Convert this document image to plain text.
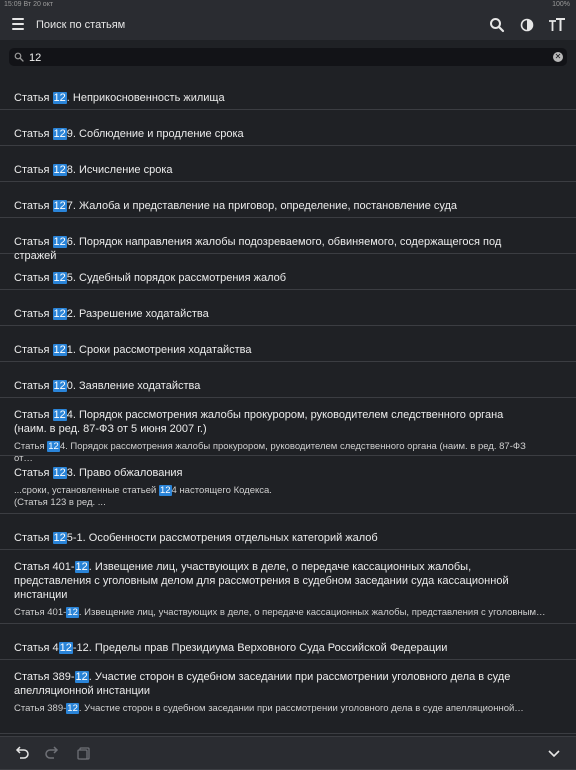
15:09 Вт 20 окт	100%
Поиск по статьям
12
✕
Статья 12. Неприкосновенность жилища
Статья 129. Соблюдение и продление срока
Статья 128. Исчисление срока
Статья 127. Жалоба и представление на приговор, определение, постановление суда
Статья 126. Порядок направления жалобы подозреваемого, обвиняемого, содержащегося под стражей
Статья 125. Судебный порядок рассмотрения жалоб
Статья 122. Разрешение ходатайства
Статья 121. Сроки рассмотрения ходатайства
Статья 120. Заявление ходатайства
Статья 124. Порядок рассмотрения жалобы прокурором, руководителем следственного органа (наим. в ред. 87-ФЗ от 5 июня 2007 г.)
Статья 124. Порядок рассмотрения жалобы прокурором, руководителем следственного органа (наим. в ред. 87-ФЗ от…
Статья 123. Право обжалования
...сроки, установленные статьей 124 настоящего Кодекса.
(Статья 123 в ред. ...
Статья 125-1. Особенности рассмотрения отдельных категорий жалоб
Статья 401-12. Извещение лиц, участвующих в деле, о передаче кассационных жалобы, представления с уголовным делом для рассмотрения в судебном заседании суда кассационной инстанции
Статья 401-12. Извещение лиц, участвующих в деле, о передаче кассационных жалобы, представления с уголовным…
Статья 412-12. Пределы прав Президиума Верховного Суда Российской Федерации
Статья 389-12. Участие сторон в судебном заседании при рассмотрении уголовного дела в суде апелляционной инстанции
Статья 389-12. Участие сторон в судебном заседании при рассмотрении уголовного дела в суде апелляционной…
